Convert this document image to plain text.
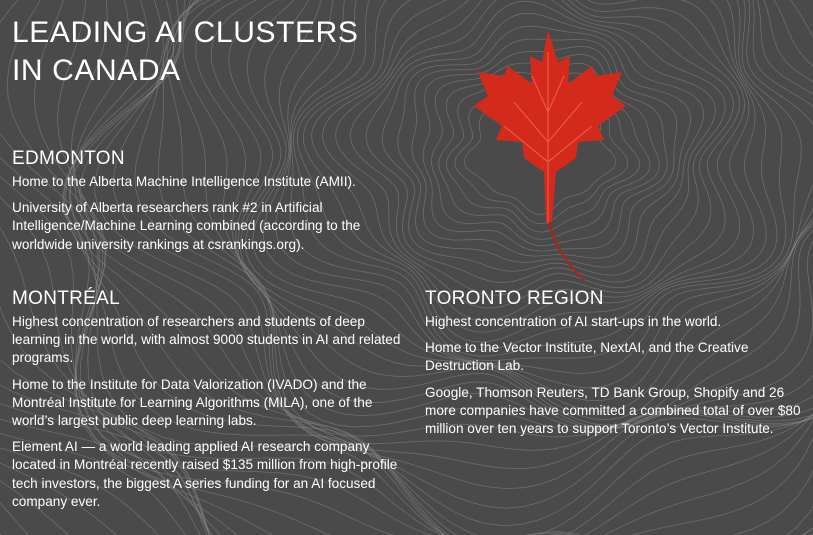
LEADING AI CLUSTERS
IN CANADA
EDMONTON

Home to the Alberta Machine Intelligence Institute (AMII).

University of Alberta researchers rank #2 in Artificial Intelligence/Machine Learning combined (according to the worldwide university rankings at csrankings.org).

MONTRÉAL

Highest concentration of researchers and students of deep learning in the world, with almost 9000 students in AI and related programs.

Home to the Institute for Data Valorization (IVADO) and the Montréal Institute for Learning Algorithms (MILA), one of the world’s largest public deep learning labs.

Element AI — a world leading applied AI research company located in Montréal recently raised $135 million from high-profile tech investors, the biggest A series funding for an AI focused company ever.

TORONTO REGION

Highest concentration of AI start-ups in the world.

Home to the Vector Institute, NextAI, and the Creative Destruction Lab.

Google, Thomson Reuters, TD Bank Group, Shopify and 26 more companies have committed a combined total of over $80 million over ten years to support Toronto’s Vector Institute.
